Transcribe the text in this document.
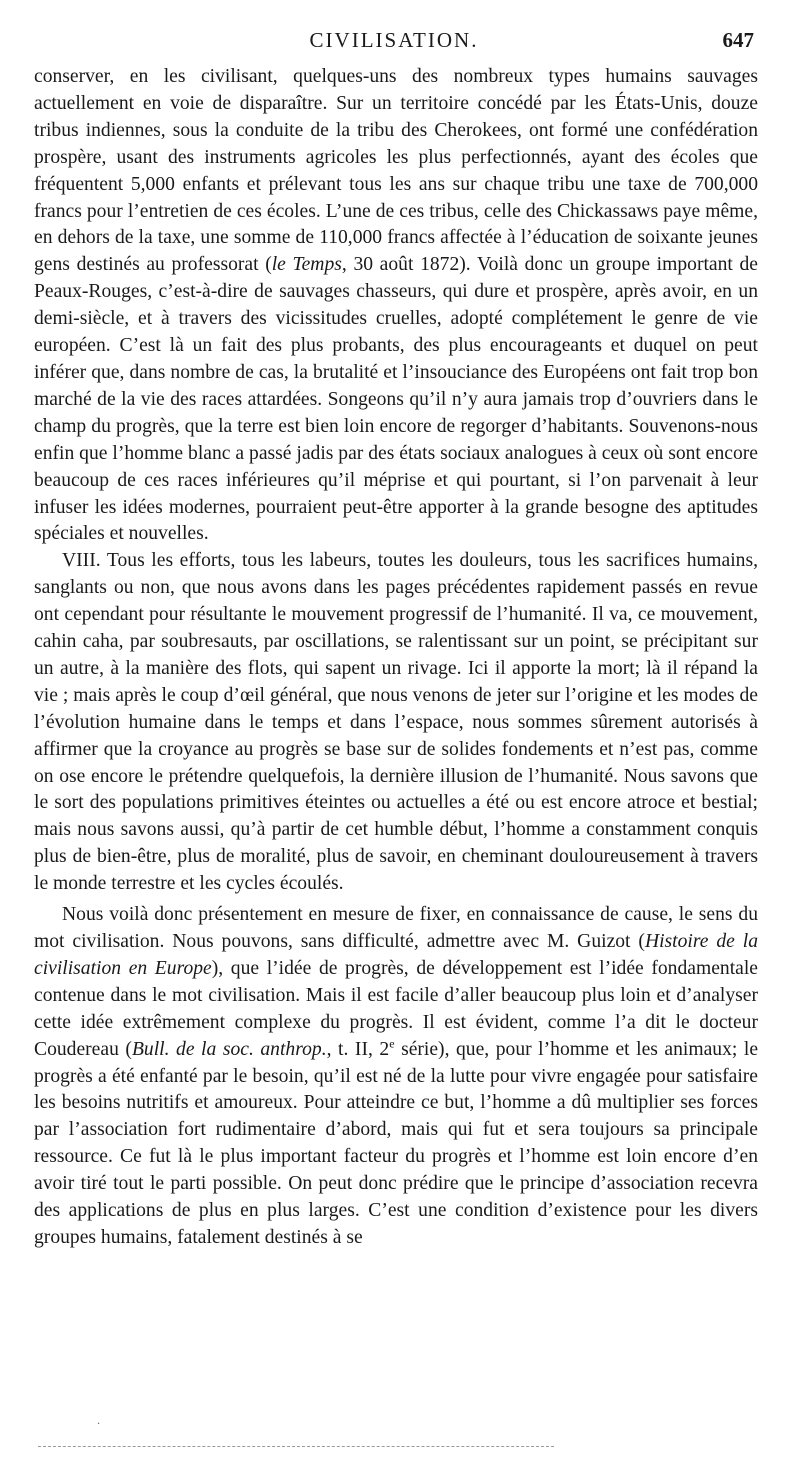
CIVILISATION.	647

conserver, en les civilisant, quelques-uns des nombreux types humains sauvages actuellement en voie de disparaître. Sur un territoire concédé par les États-Unis, douze tribus indiennes, sous la conduite de la tribu des Cherokees, ont formé une confédération prospère, usant des instruments agricoles les plus perfectionnés, ayant des écoles que fréquentent 5,000 enfants et prélevant tous les ans sur chaque tribu une taxe de 700,000 francs pour l’entretien de ces écoles. L’une de ces tribus, celle des Chickassaws paye même, en dehors de la taxe, une somme de 110,000 francs affectée à l’éducation de soixante jeunes gens destinés au professorat (le Temps, 30 août 1872). Voilà donc un groupe important de Peaux-Rouges, c’est-à-dire de sauvages chasseurs, qui dure et prospère, après avoir, en un demi-siècle, et à travers des vicissitudes cruelles, adopté complétement le genre de vie européen. C’est là un fait des plus probants, des plus encourageants et duquel on peut inférer que, dans nombre de cas, la brutalité et l’insouciance des Européens ont fait trop bon marché de la vie des races attardées. Songeons qu’il n’y aura jamais trop d’ouvriers dans le champ du progrès, que la terre est bien loin encore de regorger d’habitants. Souvenons-nous enfin que l’homme blanc a passé jadis par des états sociaux analogues à ceux où sont encore beaucoup de ces races inférieures qu’il méprise et qui pourtant, si l’on parvenait à leur infuser les idées modernes, pourraient peut-être apporter à la grande besogne des aptitudes spéciales et nouvelles.

VIII. Tous les efforts, tous les labeurs, toutes les douleurs, tous les sacrifices humains, sanglants ou non, que nous avons dans les pages précédentes rapidement passés en revue ont cependant pour résultante le mouvement progressif de l’humanité. Il va, ce mouvement, cahin caha, par soubresauts, par oscillations, se ralentissant sur un point, se précipitant sur un autre, à la manière des flots, qui sapent un rivage. Ici il apporte la mort; là il répand la vie ; mais après le coup d’œil général, que nous venons de jeter sur l’origine et les modes de l’évolution humaine dans le temps et dans l’espace, nous sommes sûrement autorisés à affirmer que la croyance au progrès se base sur de solides fondements et n’est pas, comme on ose encore le prétendre quelquefois, la dernière illusion de l’humanité. Nous savons que le sort des populations primitives éteintes ou actuelles a été ou est encore atroce et bestial; mais nous savons aussi, qu’à partir de cet humble début, l’homme a constamment conquis plus de bien-être, plus de moralité, plus de savoir, en cheminant douloureusement à travers le monde terrestre et les cycles écoulés.

Nous voilà donc présentement en mesure de fixer, en connaissance de cause, le sens du mot civilisation. Nous pouvons, sans difficulté, admettre avec M. Guizot (Histoire de la civilisation en Europe), que l’idée de progrès, de développement est l’idée fondamentale contenue dans le mot civilisation. Mais il est facile d’aller beaucoup plus loin et d’analyser cette idée extrêmement complexe du progrès. Il est évident, comme l’a dit le docteur Coudereau (Bull. de la soc. anthrop., t. II, 2e série), que, pour l’homme et les animaux; le progrès a été enfanté par le besoin, qu’il est né de la lutte pour vivre engagée pour satisfaire les besoins nutritifs et amoureux. Pour atteindre ce but, l’homme a dû multiplier ses forces par l’association fort rudimentaire d’abord, mais qui fut et sera toujours sa principale ressource. Ce fut là le plus important facteur du progrès et l’homme est loin encore d’en avoir tiré tout le parti possible. On peut donc prédire que le principe d’association recevra des applications de plus en plus larges. C’est une condition d’existence pour les divers groupes humains, fatalement destinés à se

.
